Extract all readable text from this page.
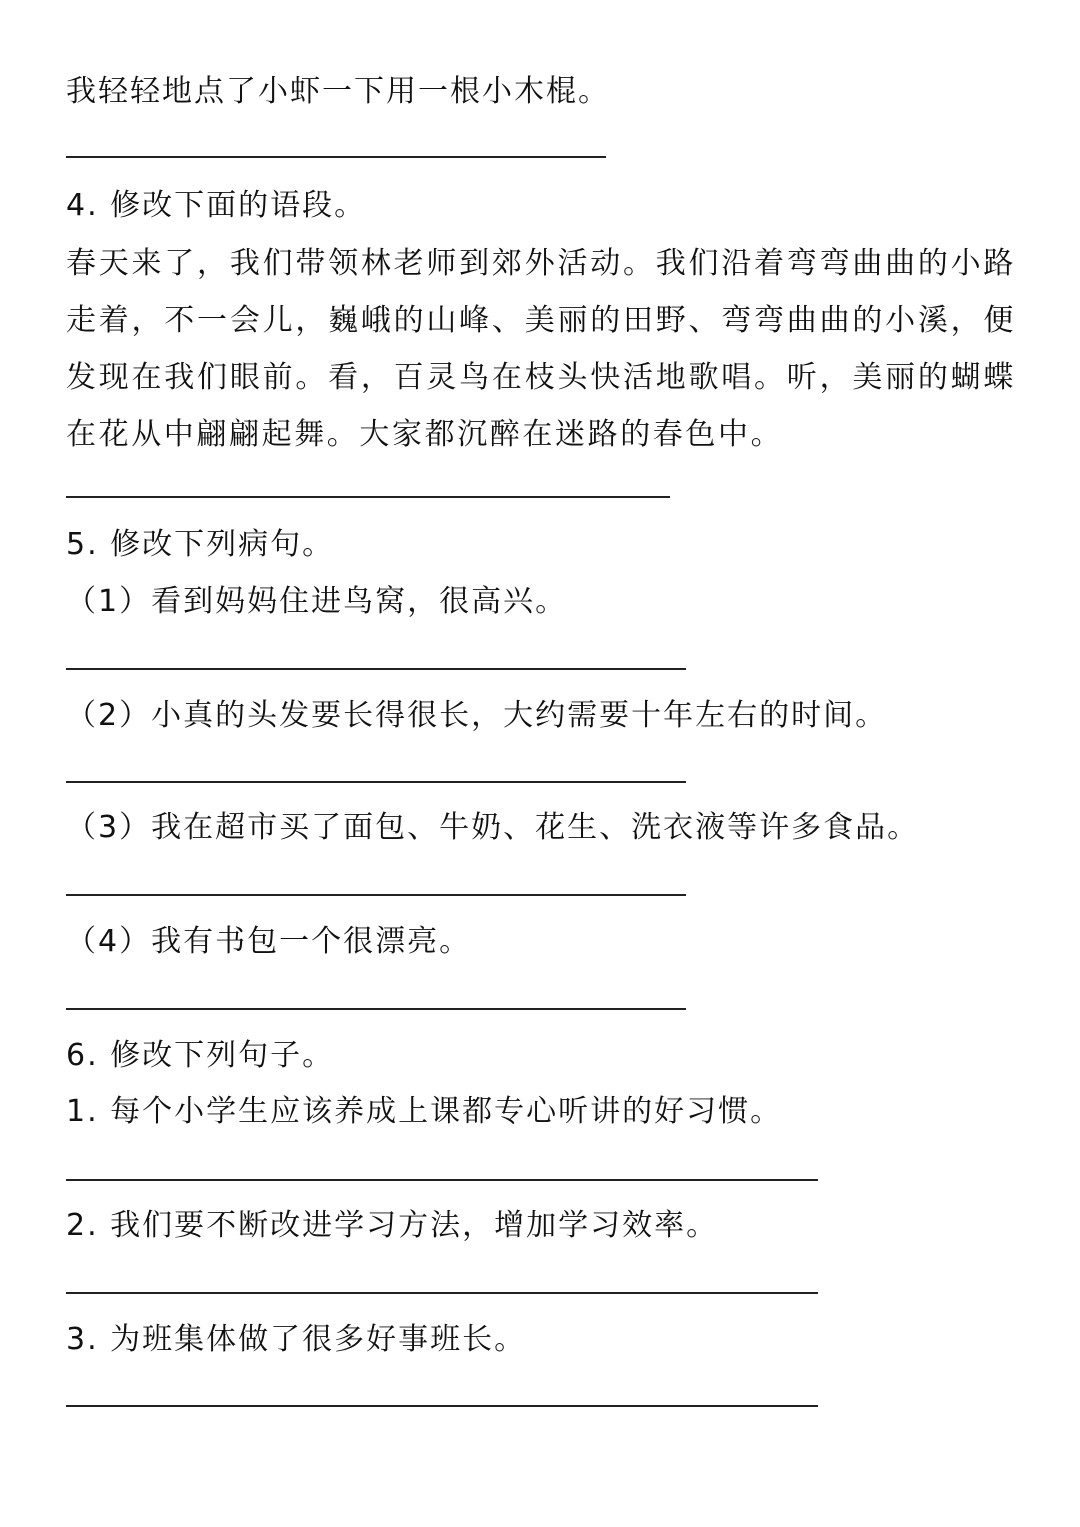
我轻轻地点了小虾一下用一根小木棍。
4. 修改下面的语段。
春天来了，我们带领林老师到郊外活动。我们沿着弯弯曲曲的小路走着，不一会儿，巍峨的山峰、美丽的田野、弯弯曲曲的小溪，便发现在我们眼前。看，百灵鸟在枝头快活地歌唱。听，美丽的蝴蝶在花从中翩翩起舞。大家都沉醉在迷路的春色中。
5. 修改下列病句。
（1）看到妈妈住进鸟窝，很高兴。
（2）小真的头发要长得很长，大约需要十年左右的时间。
（3）我在超市买了面包、牛奶、花生、洗衣液等许多食品。
（4）我有书包一个很漂亮。
6. 修改下列句子。
1. 每个小学生应该养成上课都专心听讲的好习惯。
2. 我们要不断改进学习方法，增加学习效率。
3. 为班集体做了很多好事班长。
